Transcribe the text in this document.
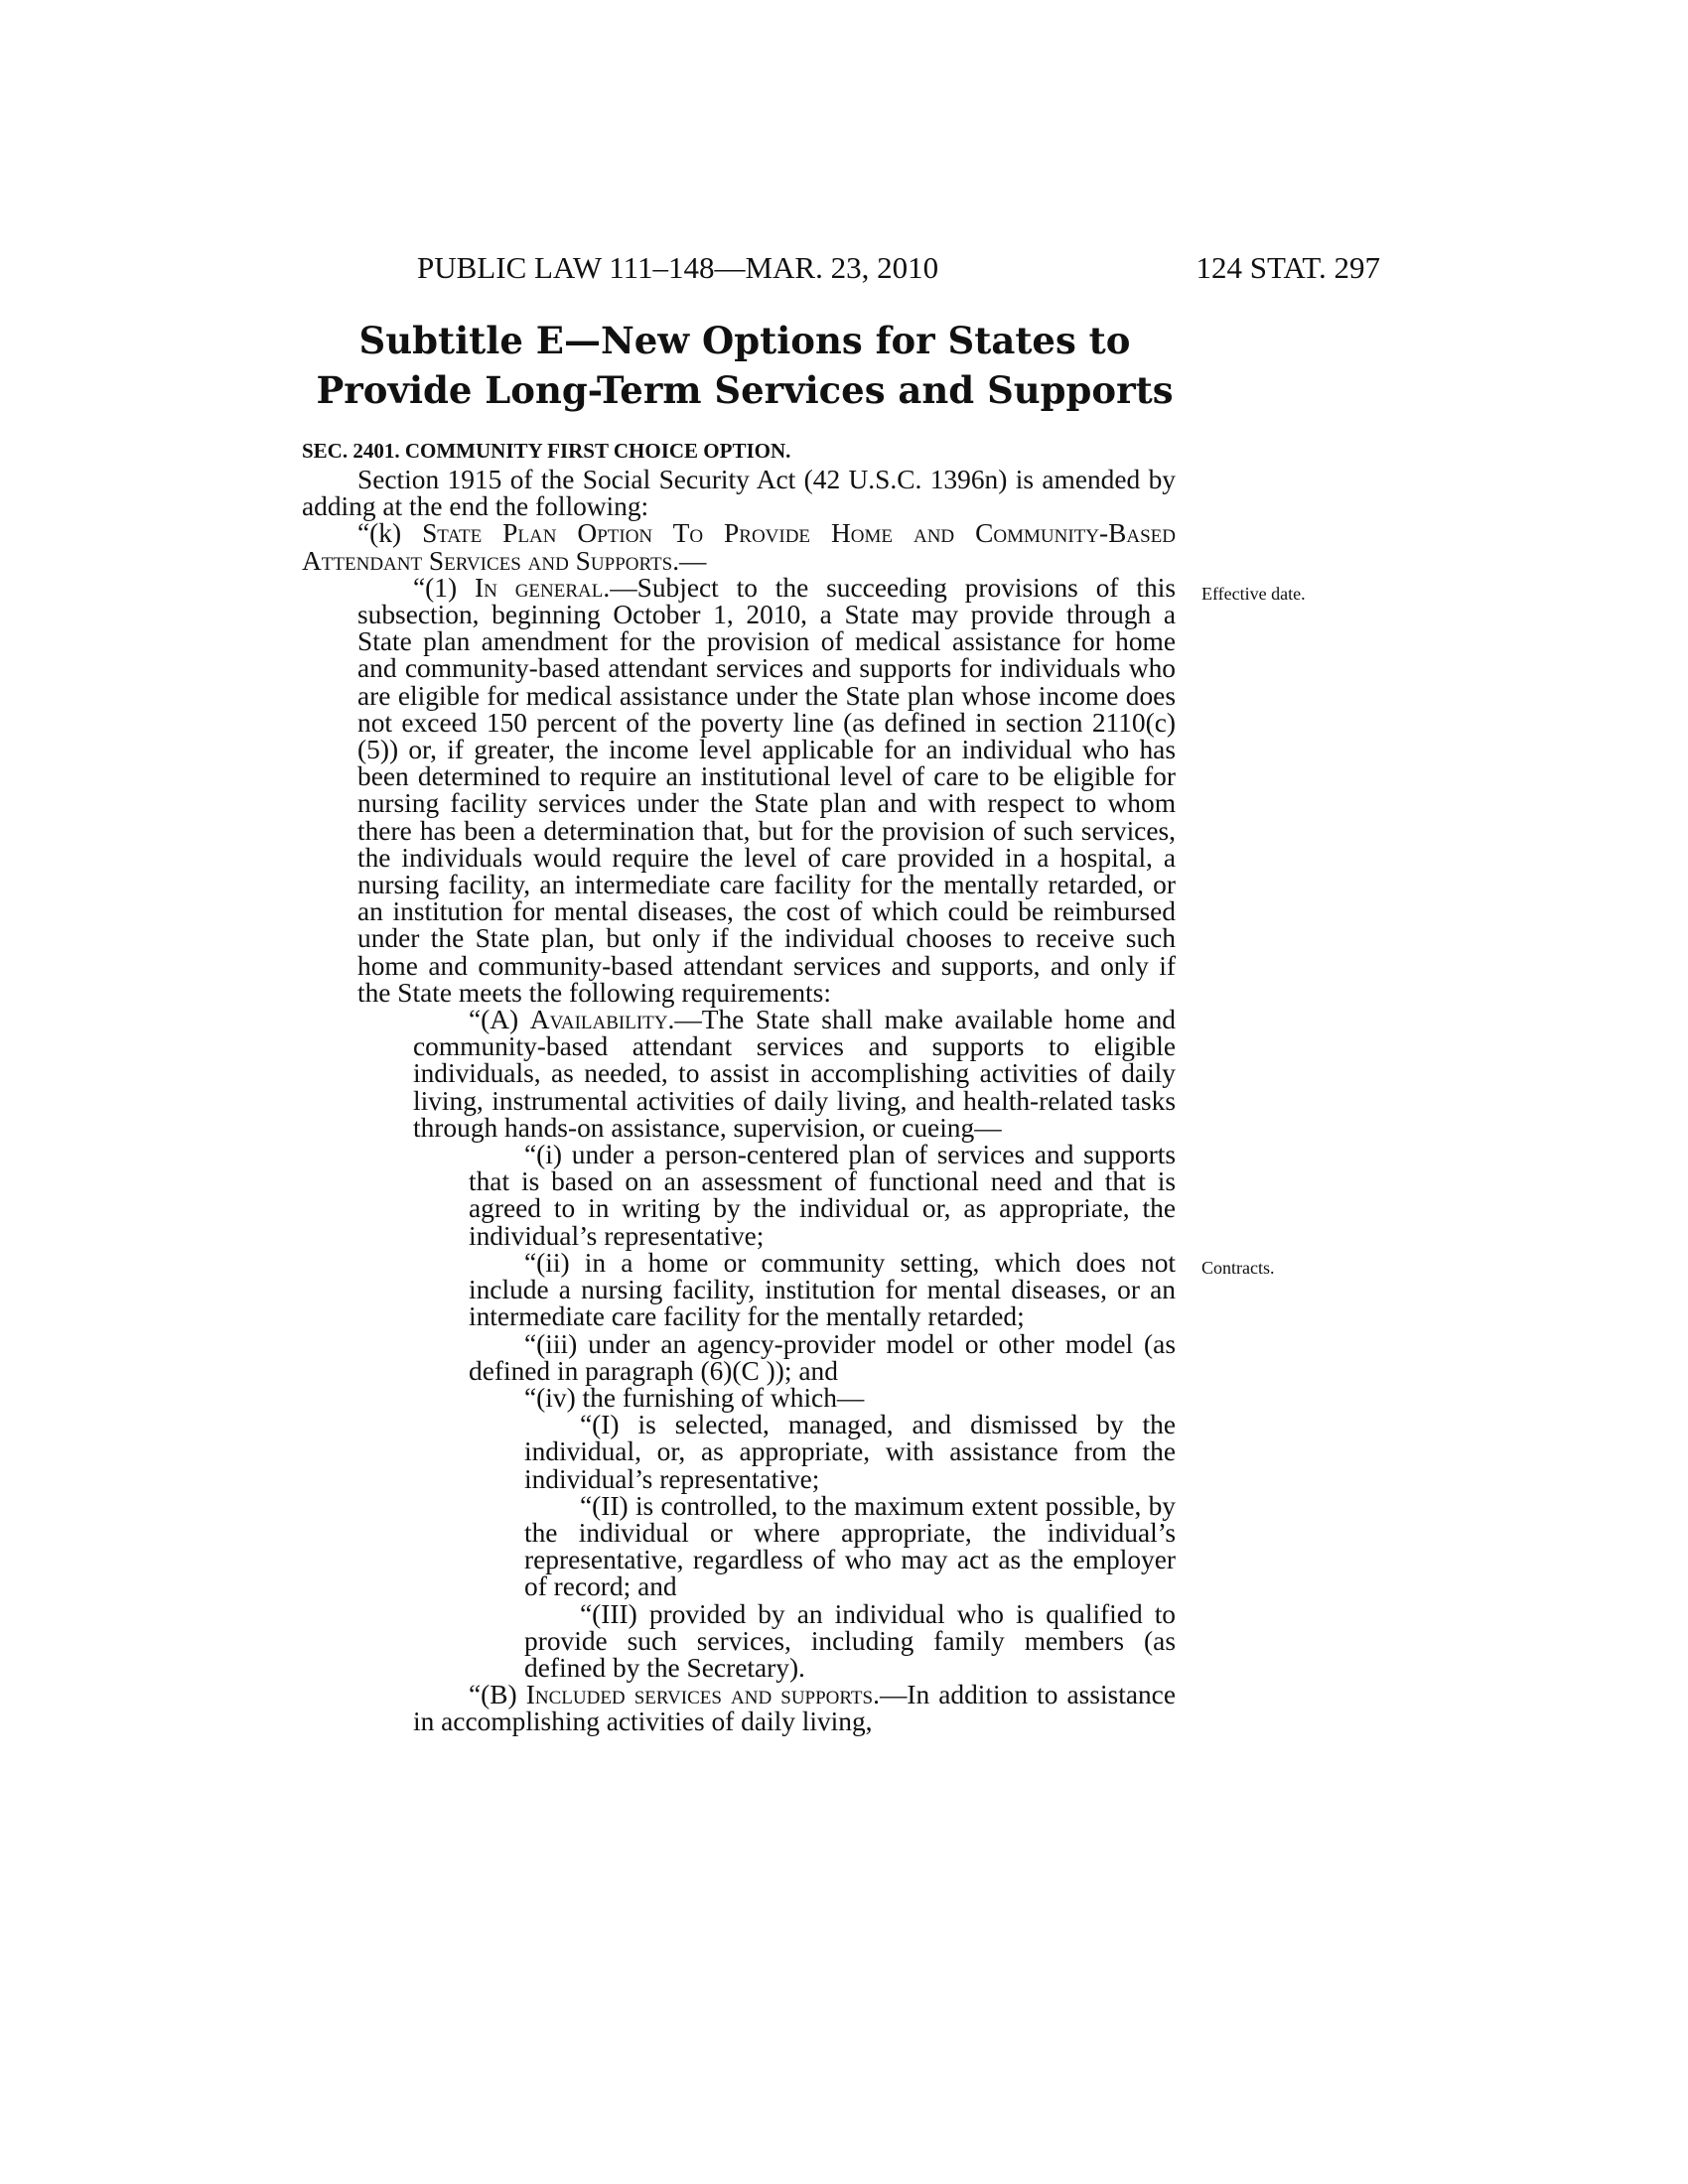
PUBLIC LAW 111–148—MAR. 23, 2010	124 STAT. 297
Subtitle E—New Options for States to
Provide Long-Term Services and Supports
SEC. 2401. COMMUNITY FIRST CHOICE OPTION.

Section 1915 of the Social Security Act (42 U.S.C. 1396n) is amended by adding at the end the following:

“(k) State Plan Option To Provide Home and Community-Based Attendant Services and Supports.—

“(1) In general.—Subject to the succeeding provisions of this subsection, beginning October 1, 2010, a State may provide through a State plan amendment for the provision of medical assistance for home and community-based attendant services and supports for individuals who are eligible for medical assistance under the State plan whose income does not exceed 150 percent of the poverty line (as defined in section 2110(c)(5)) or, if greater, the income level applicable for an individual who has been determined to require an institutional level of care to be eligible for nursing facility services under the State plan and with respect to whom there has been a determination that, but for the provision of such services, the individuals would require the level of care provided in a hospital, a nursing facility, an intermediate care facility for the mentally retarded, or an institution for mental diseases, the cost of which could be reimbursed under the State plan, but only if the individual chooses to receive such home and community-based attendant services and supports, and only if the State meets the following requirements:

“(A) Availability.—The State shall make available home and community-based attendant services and supports to eligible individuals, as needed, to assist in accomplishing activities of daily living, instrumental activities of daily living, and health-related tasks through hands-on assistance, supervision, or cueing—

“(i) under a person-centered plan of services and supports that is based on an assessment of functional need and that is agreed to in writing by the individual or, as appropriate, the individual’s representative;

“(ii) in a home or community setting, which does not include a nursing facility, institution for mental diseases, or an intermediate care facility for the mentally retarded;

“(iii) under an agency-provider model or other model (as defined in paragraph (6)(C )); and

“(iv) the furnishing of which—

“(I) is selected, managed, and dismissed by the individual, or, as appropriate, with assistance from the individual’s representative;

“(II) is controlled, to the maximum extent possible, by the individual or where appropriate, the individual’s representative, regardless of who may act as the employer of record; and

“(III) provided by an individual who is qualified to provide such services, including family members (as defined by the Secretary).

“(B) Included services and supports.—In addition to assistance in accomplishing activities of daily living,

Effective date.
Contracts.
